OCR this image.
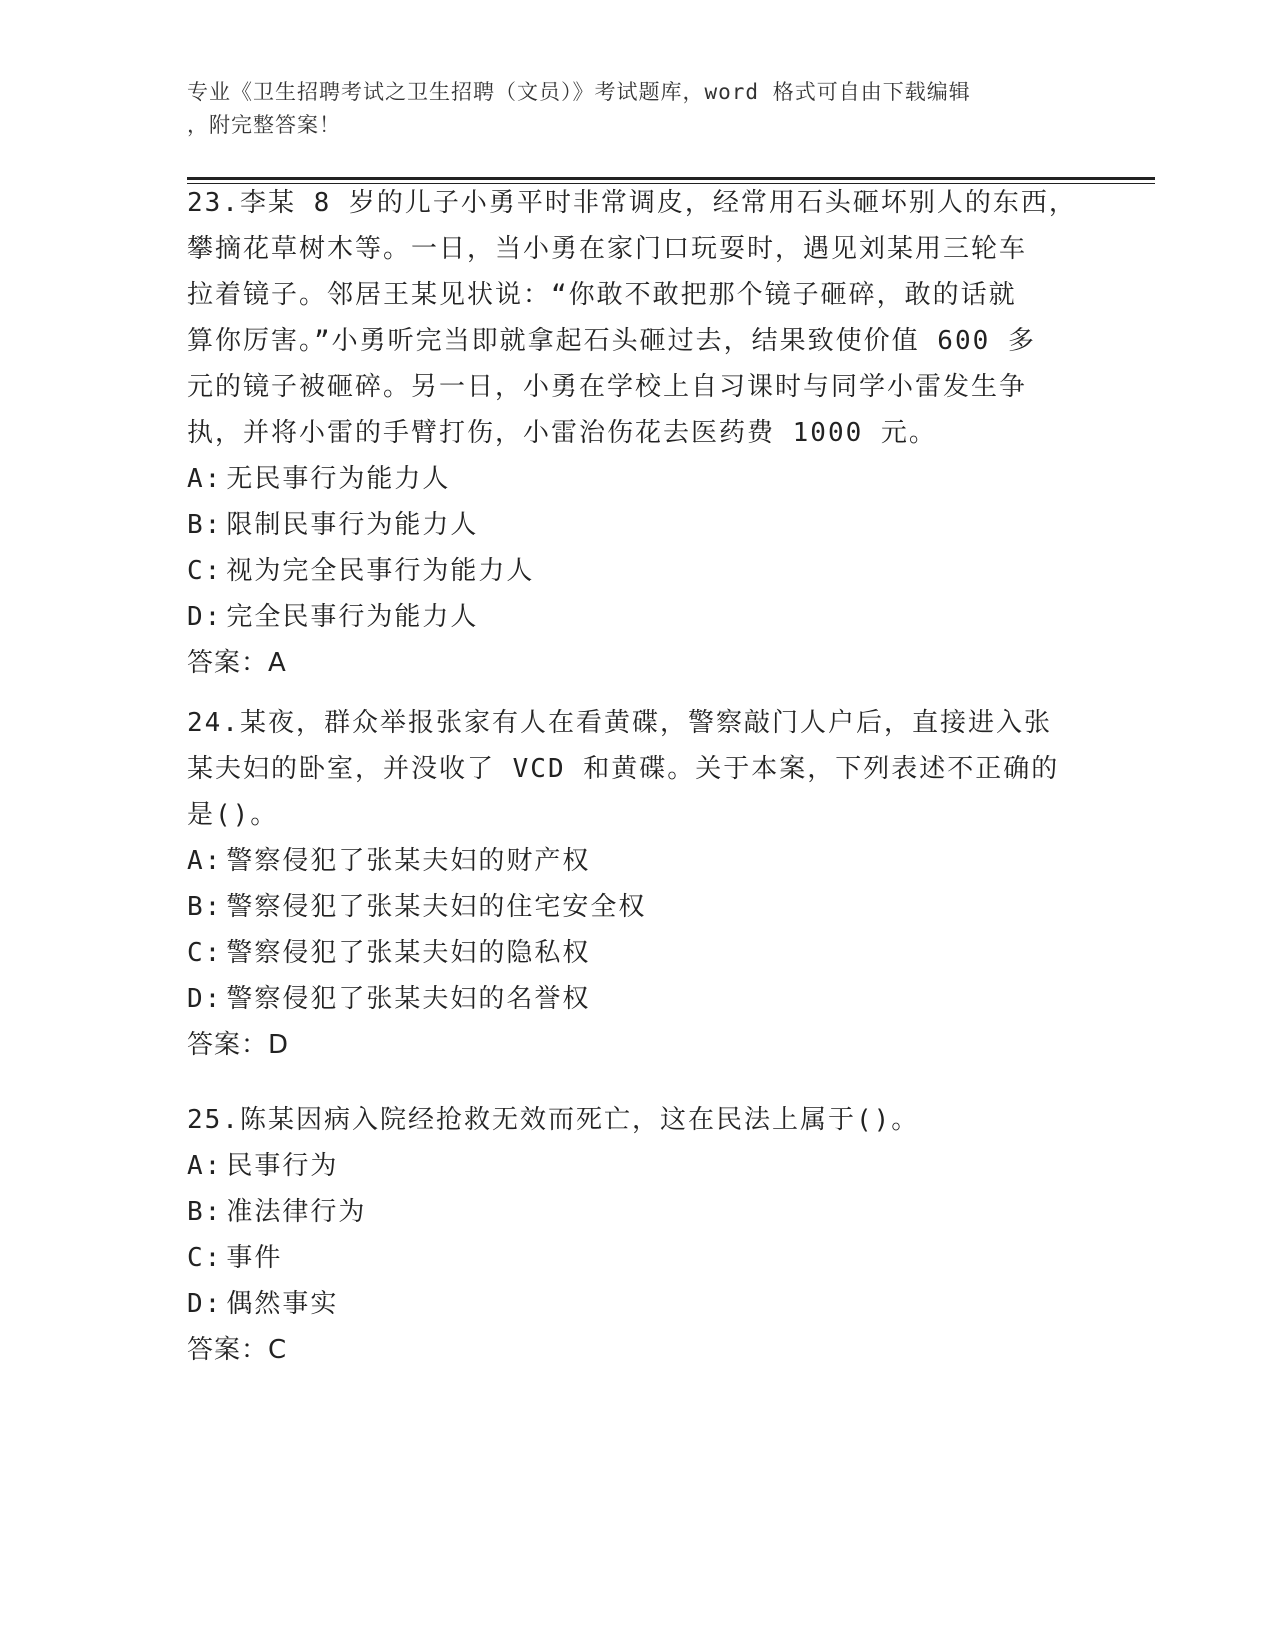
专业《卫生招聘考试之卫生招聘（文员）》考试题库，word 格式可自由下载编辑
，附完整答案！
23.李某 8 岁的儿子小勇平时非常调皮，经常用石头砸坏别人的东西，
攀摘花草树木等。一日，当小勇在家门口玩耍时，遇见刘某用三轮车
拉着镜子。邻居王某见状说：“你敢不敢把那个镜子砸碎，敢的话就
算你厉害。”小勇听完当即就拿起石头砸过去，结果致使价值 600 多
元的镜子被砸碎。另一日，小勇在学校上自习课时与同学小雷发生争
执，并将小雷的手臂打伤，小雷治伤花去医药费 1000 元。
A: 无民事行为能力人
B: 限制民事行为能力人
C: 视为完全民事行为能力人
D: 完全民事行为能力人
答案：A
24.某夜，群众举报张家有人在看黄碟，警察敲门人户后，直接进入张
某夫妇的卧室，并没收了 VCD 和黄碟。关于本案，下列表述不正确的
是()。
A: 警察侵犯了张某夫妇的财产权
B: 警察侵犯了张某夫妇的住宅安全权
C: 警察侵犯了张某夫妇的隐私权
D: 警察侵犯了张某夫妇的名誉权
答案：D
25.陈某因病入院经抢救无效而死亡，这在民法上属于()。
A: 民事行为
B: 准法律行为
C: 事件
D: 偶然事实
答案：C
